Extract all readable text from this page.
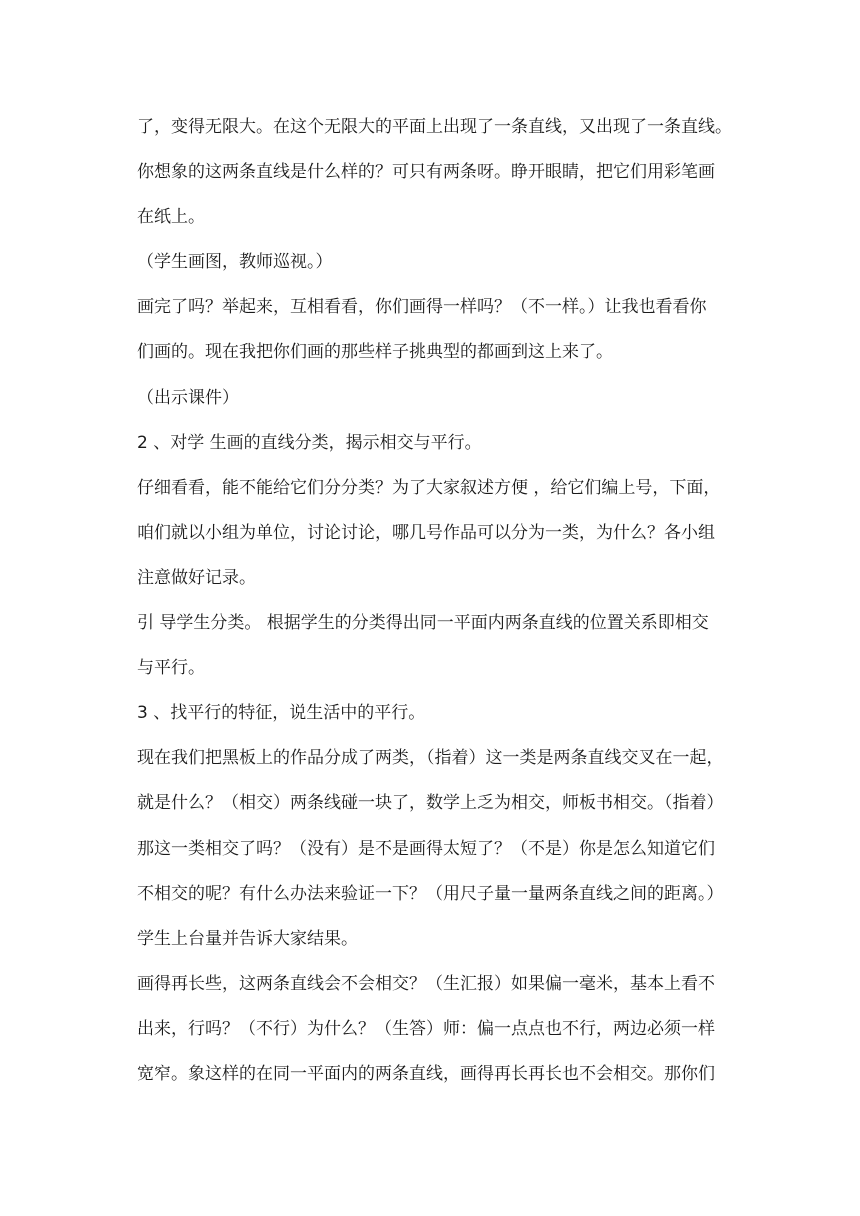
了，变得无限大。在这个无限大的平面上出现了一条直线，又出现了一条直线。
你想象的这两条直线是什么样的？可只有两条呀。睁开眼睛，把它们用彩笔画
在纸上。
（学生画图，教师巡视。）
画完了吗？举起来，互相看看，你们画得一样吗？（不一样。）让我也看看你
们画的。现在我把你们画的那些样子挑典型的都画到这上来了。
（出示课件）
2 、对学 生画的直线分类，揭示相交与平行。
仔细看看，能不能给它们分分类？为了大家叙述方便 ，给它们编上号，下面，
咱们就以小组为单位，讨论讨论，哪几号作品可以分为一类，为什么？各小组
注意做好记录。
引 导学生分类。 根据学生的分类得出同一平面内两条直线的位置关系即相交
与平行。
3 、找平行的特征，说生活中的平行。
现在我们把黑板上的作品分成了两类，（指着）这一类是两条直线交叉在一起，
就是什么？（相交）两条线碰一块了，数学上乏为相交，师板书相交。（指着）
那这一类相交了吗？（没有）是不是画得太短了？（不是）你是怎么知道它们
不相交的呢？有什么办法来验证一下？（用尺子量一量两条直线之间的距离。）
学生上台量并告诉大家结果。
画得再长些，这两条直线会不会相交？（生汇报）如果偏一毫米，基本上看不
出来，行吗？（不行）为什么？（生答）师：偏一点点也不行，两边必须一样
宽窄。象这样的在同一平面内的两条直线，画得再长再长也不会相交。那你们
